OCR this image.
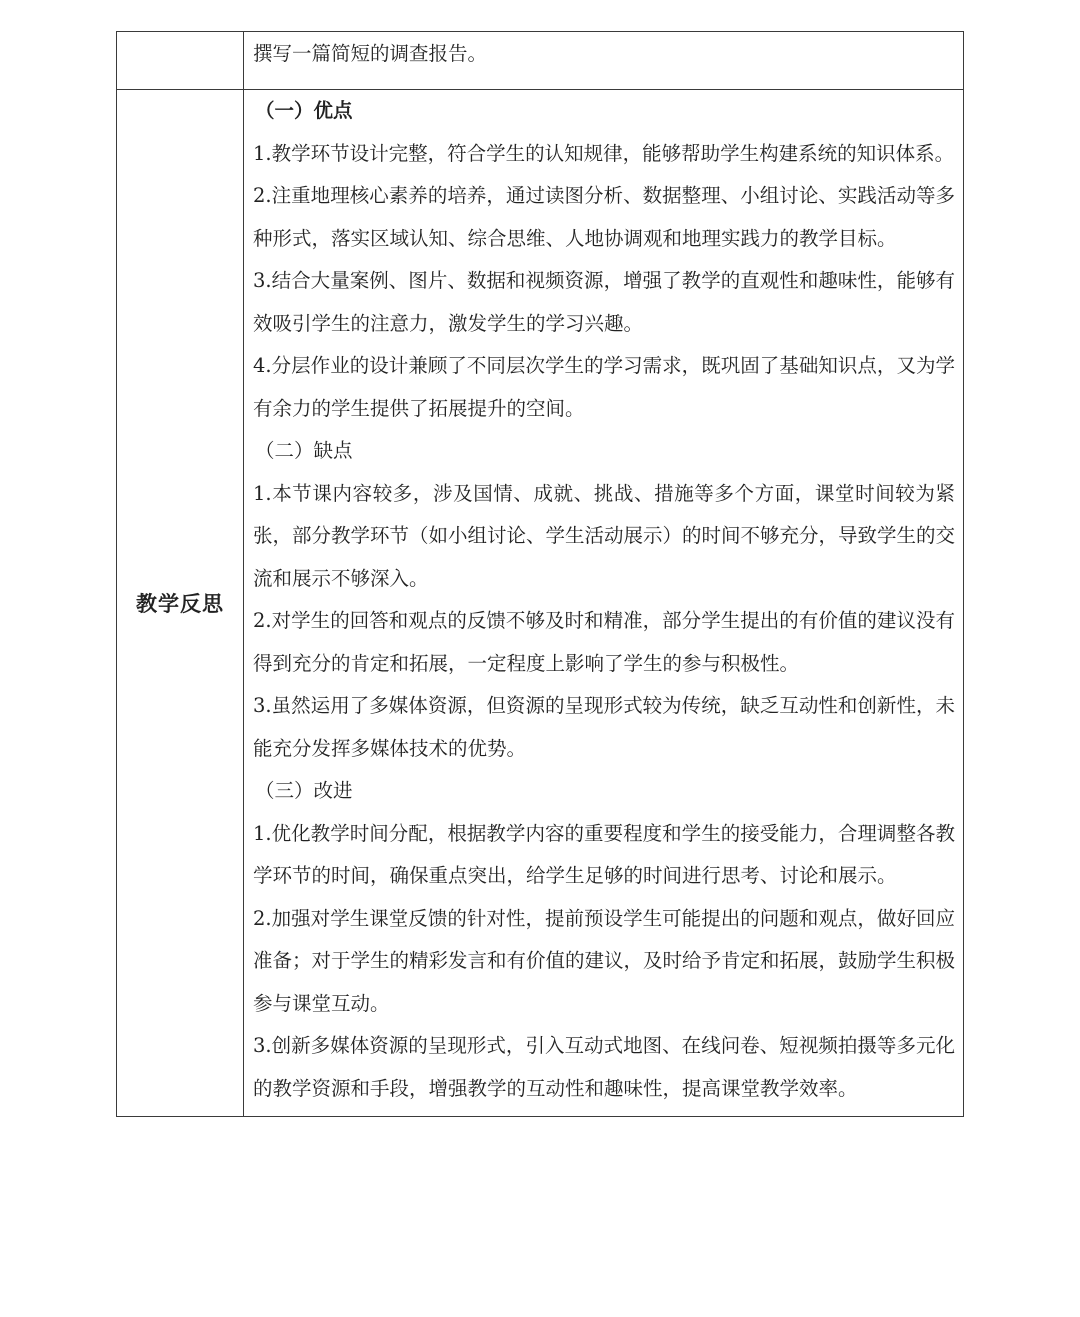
撰写一篇简短的调查报告。

教学反思

（一）优点

1.教学环节设计完整，符合学生的认知规律，能够帮助学生构建系统的知识体系。

2.注重地理核心素养的培养，通过读图分析、数据整理、小组讨论、实践活动等多种形式，落实区域认知、综合思维、人地协调观和地理实践力的教学目标。

3.结合大量案例、图片、数据和视频资源，增强了教学的直观性和趣味性，能够有效吸引学生的注意力，激发学生的学习兴趣。

4.分层作业的设计兼顾了不同层次学生的学习需求，既巩固了基础知识点，又为学有余力的学生提供了拓展提升的空间。

（二）缺点

1.本节课内容较多，涉及国情、成就、挑战、措施等多个方面，课堂时间较为紧张，部分教学环节（如小组讨论、学生活动展示）的时间不够充分，导致学生的交流和展示不够深入。

2.对学生的回答和观点的反馈不够及时和精准，部分学生提出的有价值的建议没有得到充分的肯定和拓展，一定程度上影响了学生的参与积极性。

3.虽然运用了多媒体资源，但资源的呈现形式较为传统，缺乏互动性和创新性，未能充分发挥多媒体技术的优势。

（三）改进

1.优化教学时间分配，根据教学内容的重要程度和学生的接受能力，合理调整各教学环节的时间，确保重点突出，给学生足够的时间进行思考、讨论和展示。

2.加强对学生课堂反馈的针对性，提前预设学生可能提出的问题和观点，做好回应准备；对于学生的精彩发言和有价值的建议，及时给予肯定和拓展，鼓励学生积极参与课堂互动。

3.创新多媒体资源的呈现形式，引入互动式地图、在线问卷、短视频拍摄等多元化的教学资源和手段，增强教学的互动性和趣味性，提高课堂教学效率。
